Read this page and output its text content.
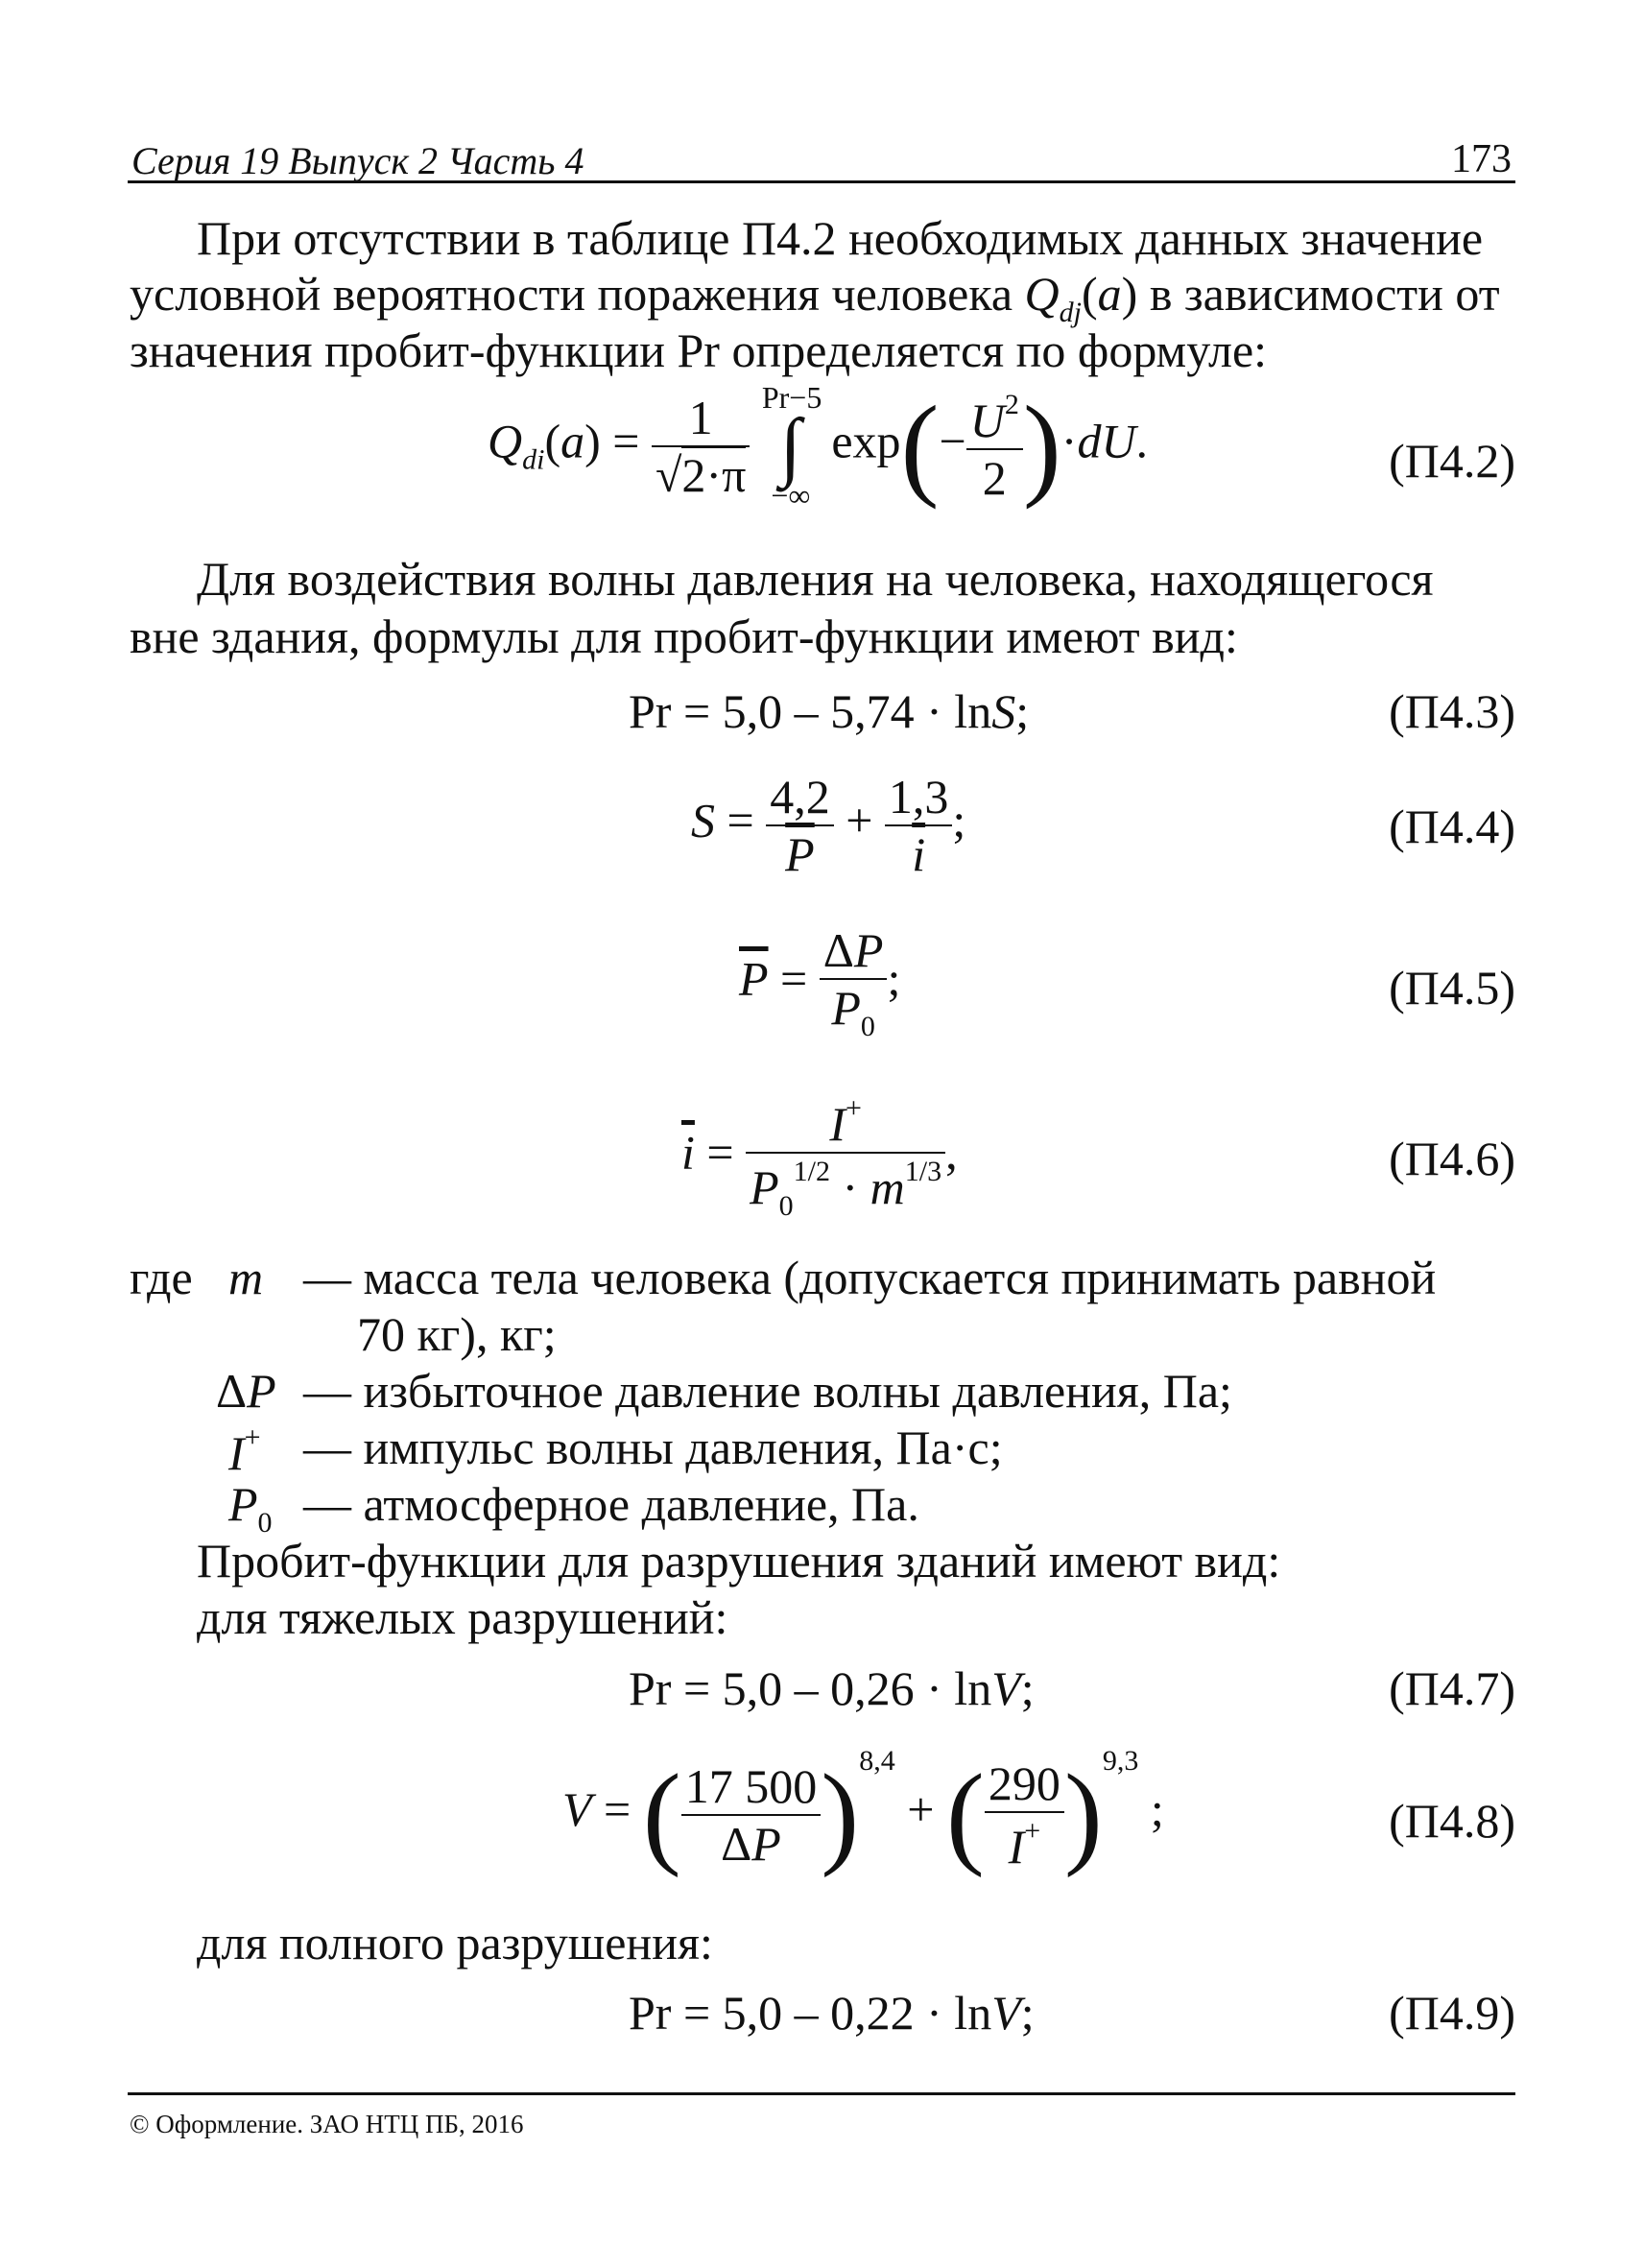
Серия 19 Выпуск 2 Часть 4	173
При отсутствии в таблице П4.2 необходимых данных значение
условной вероятности поражения человека $Q_{dj}(a)$ в зависимости от
значения пробит-функции Pr определяется по формуле:
$Q_{di}(a) = \frac{1}{√2\cdot\pi}$
Pr−5
∫
−∞
$\exp(- \frac{U^2}{2} )\cdot dU$.	(П4.2)
Для воздействия волны давления на человека, находящегося
вне здания, формулы для пробит-функции имеют вид:
Pr = 5,0 – 5,74 · lnS;	(П4.3)
$S = \frac{4,2}{P} + \frac{1,3}{i}$ ;	(П4.4)
$\overline{P} = \frac{\Delta P}{P_0}$ ;	(П4.5)
$\overline{i} = \frac{I^+}{P_0^{1/2} \cdot m^{1/3}}$ ,	(П4.6)
где m — масса тела человека (допускается принимать равной
70 кг), кг;
ΔP — избыточное давление волны давления, Па;
I+ — импульс волны давления, Па·с;
$P_0$ — атмосферное давление, Па.
Пробит-функции для разрушения зданий имеют вид:
для тяжелых разрушений:
Pr = 5,0 – 0,26 · lnV;	(П4.7)
V = ( $\frac{17 500}{\Delta P} )^{8,4}$ + ( $\frac{290}{I^+} )^{9,3}$ ;	(П4.8)
для полного разрушения:
Pr = 5,0 – 0,22 · lnV;	(П4.9)
© Оформление. ЗАО НТЦ ПБ, 2016
